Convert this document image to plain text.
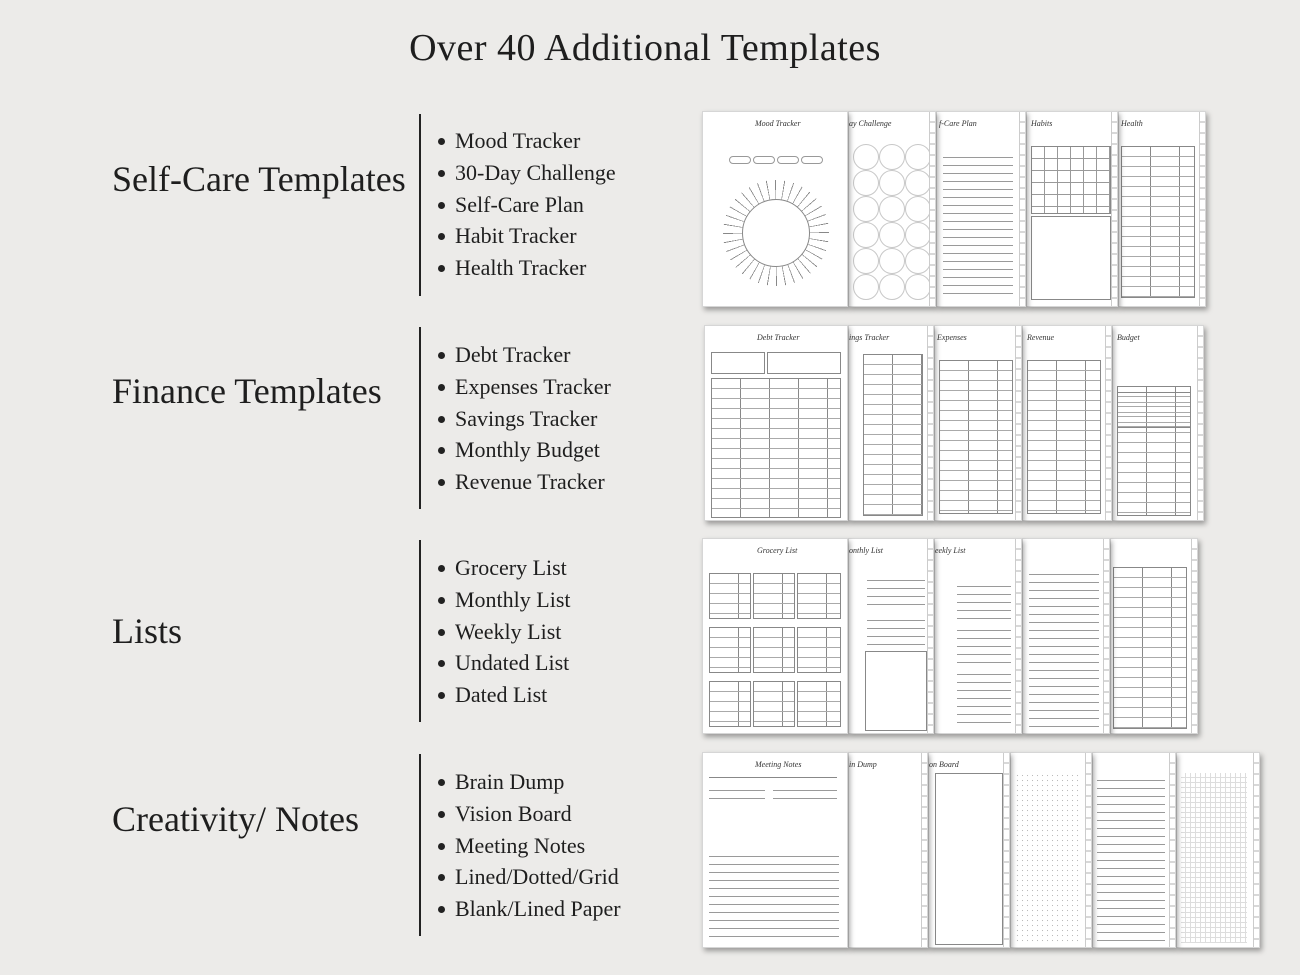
Over 40 Additional Templates
Self-Care Templates
Mood Tracker
30-Day Challenge
Self-Care Plan
Habit Tracker
Health Tracker
Health
Habits
f-Care Plan
ay Challenge
Mood Tracker
Finance Templates
Debt Tracker
Expenses Tracker
Savings Tracker
Monthly Budget
Revenue Tracker
Budget
Revenue
Expenses
ings Tracker
Debt Tracker
Lists
Grocery List
Monthly List
Weekly List
Undated List
Dated List
eekly List
onthly List
Grocery List
Creativity/ Notes
Brain Dump
Vision Board
Meeting Notes
Lined/Dotted/Grid
Blank/Lined Paper
on Board
in Dump
Meeting Notes
